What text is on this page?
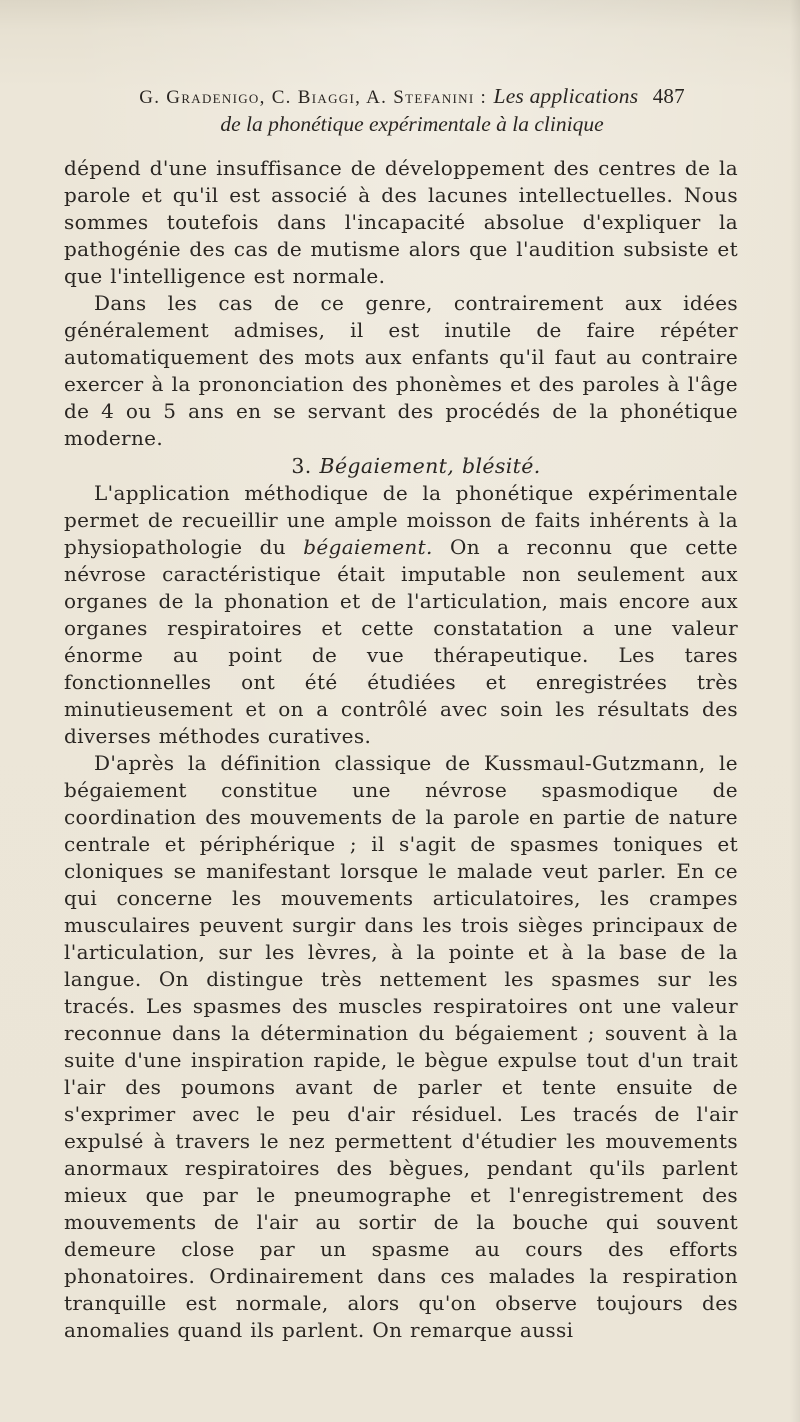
G. Gradenigo, C. Biaggi, A. Stefanini : Les applications 487
de la phonétique expérimentale à la clinique

dépend d'une insuffisance de développement des centres de la parole et qu'il est associé à des lacunes intellectuelles. Nous sommes toutefois dans l'incapacité absolue d'expliquer la pathogénie des cas de mutisme alors que l'audition subsiste et que l'intelligence est normale.

Dans les cas de ce genre, contrairement aux idées généralement admises, il est inutile de faire répéter automatiquement des mots aux enfants qu'il faut au contraire exercer à la prononciation des phonèmes et des paroles à l'âge de 4 ou 5 ans en se servant des procédés de la phonétique moderne.

3. Bégaiement, blésité.

L'application méthodique de la phonétique expérimentale permet de recueillir une ample moisson de faits inhérents à la physiopathologie du bégaiement. On a reconnu que cette névrose caractéristique était imputable non seulement aux organes de la phonation et de l'articulation, mais encore aux organes respiratoires et cette constatation a une valeur énorme au point de vue thérapeutique. Les tares fonctionnelles ont été étudiées et enregistrées très minutieusement et on a contrôlé avec soin les résultats des diverses méthodes curatives.

D'après la définition classique de Kussmaul-Gutzmann, le bégaiement constitue une névrose spasmodique de coordination des mouvements de la parole en partie de nature centrale et périphérique ; il s'agit de spasmes toniques et cloniques se manifestant lorsque le malade veut parler. En ce qui concerne les mouvements articulatoires, les crampes musculaires peuvent surgir dans les trois sièges principaux de l'articulation, sur les lèvres, à la pointe et à la base de la langue. On distingue très nettement les spasmes sur les tracés. Les spasmes des muscles respiratoires ont une valeur reconnue dans la détermination du bégaiement ; souvent à la suite d'une inspiration rapide, le bègue expulse tout d'un trait l'air des poumons avant de parler et tente ensuite de s'exprimer avec le peu d'air résiduel. Les tracés de l'air expulsé à travers le nez permettent d'étudier les mouvements anormaux respiratoires des bègues, pendant qu'ils parlent mieux que par le pneumographe et l'enregistrement des mouvements de l'air au sortir de la bouche qui souvent demeure close par un spasme au cours des efforts phonatoires. Ordinairement dans ces malades la respiration tranquille est normale, alors qu'on observe toujours des anomalies quand ils parlent. On remarque aussi
